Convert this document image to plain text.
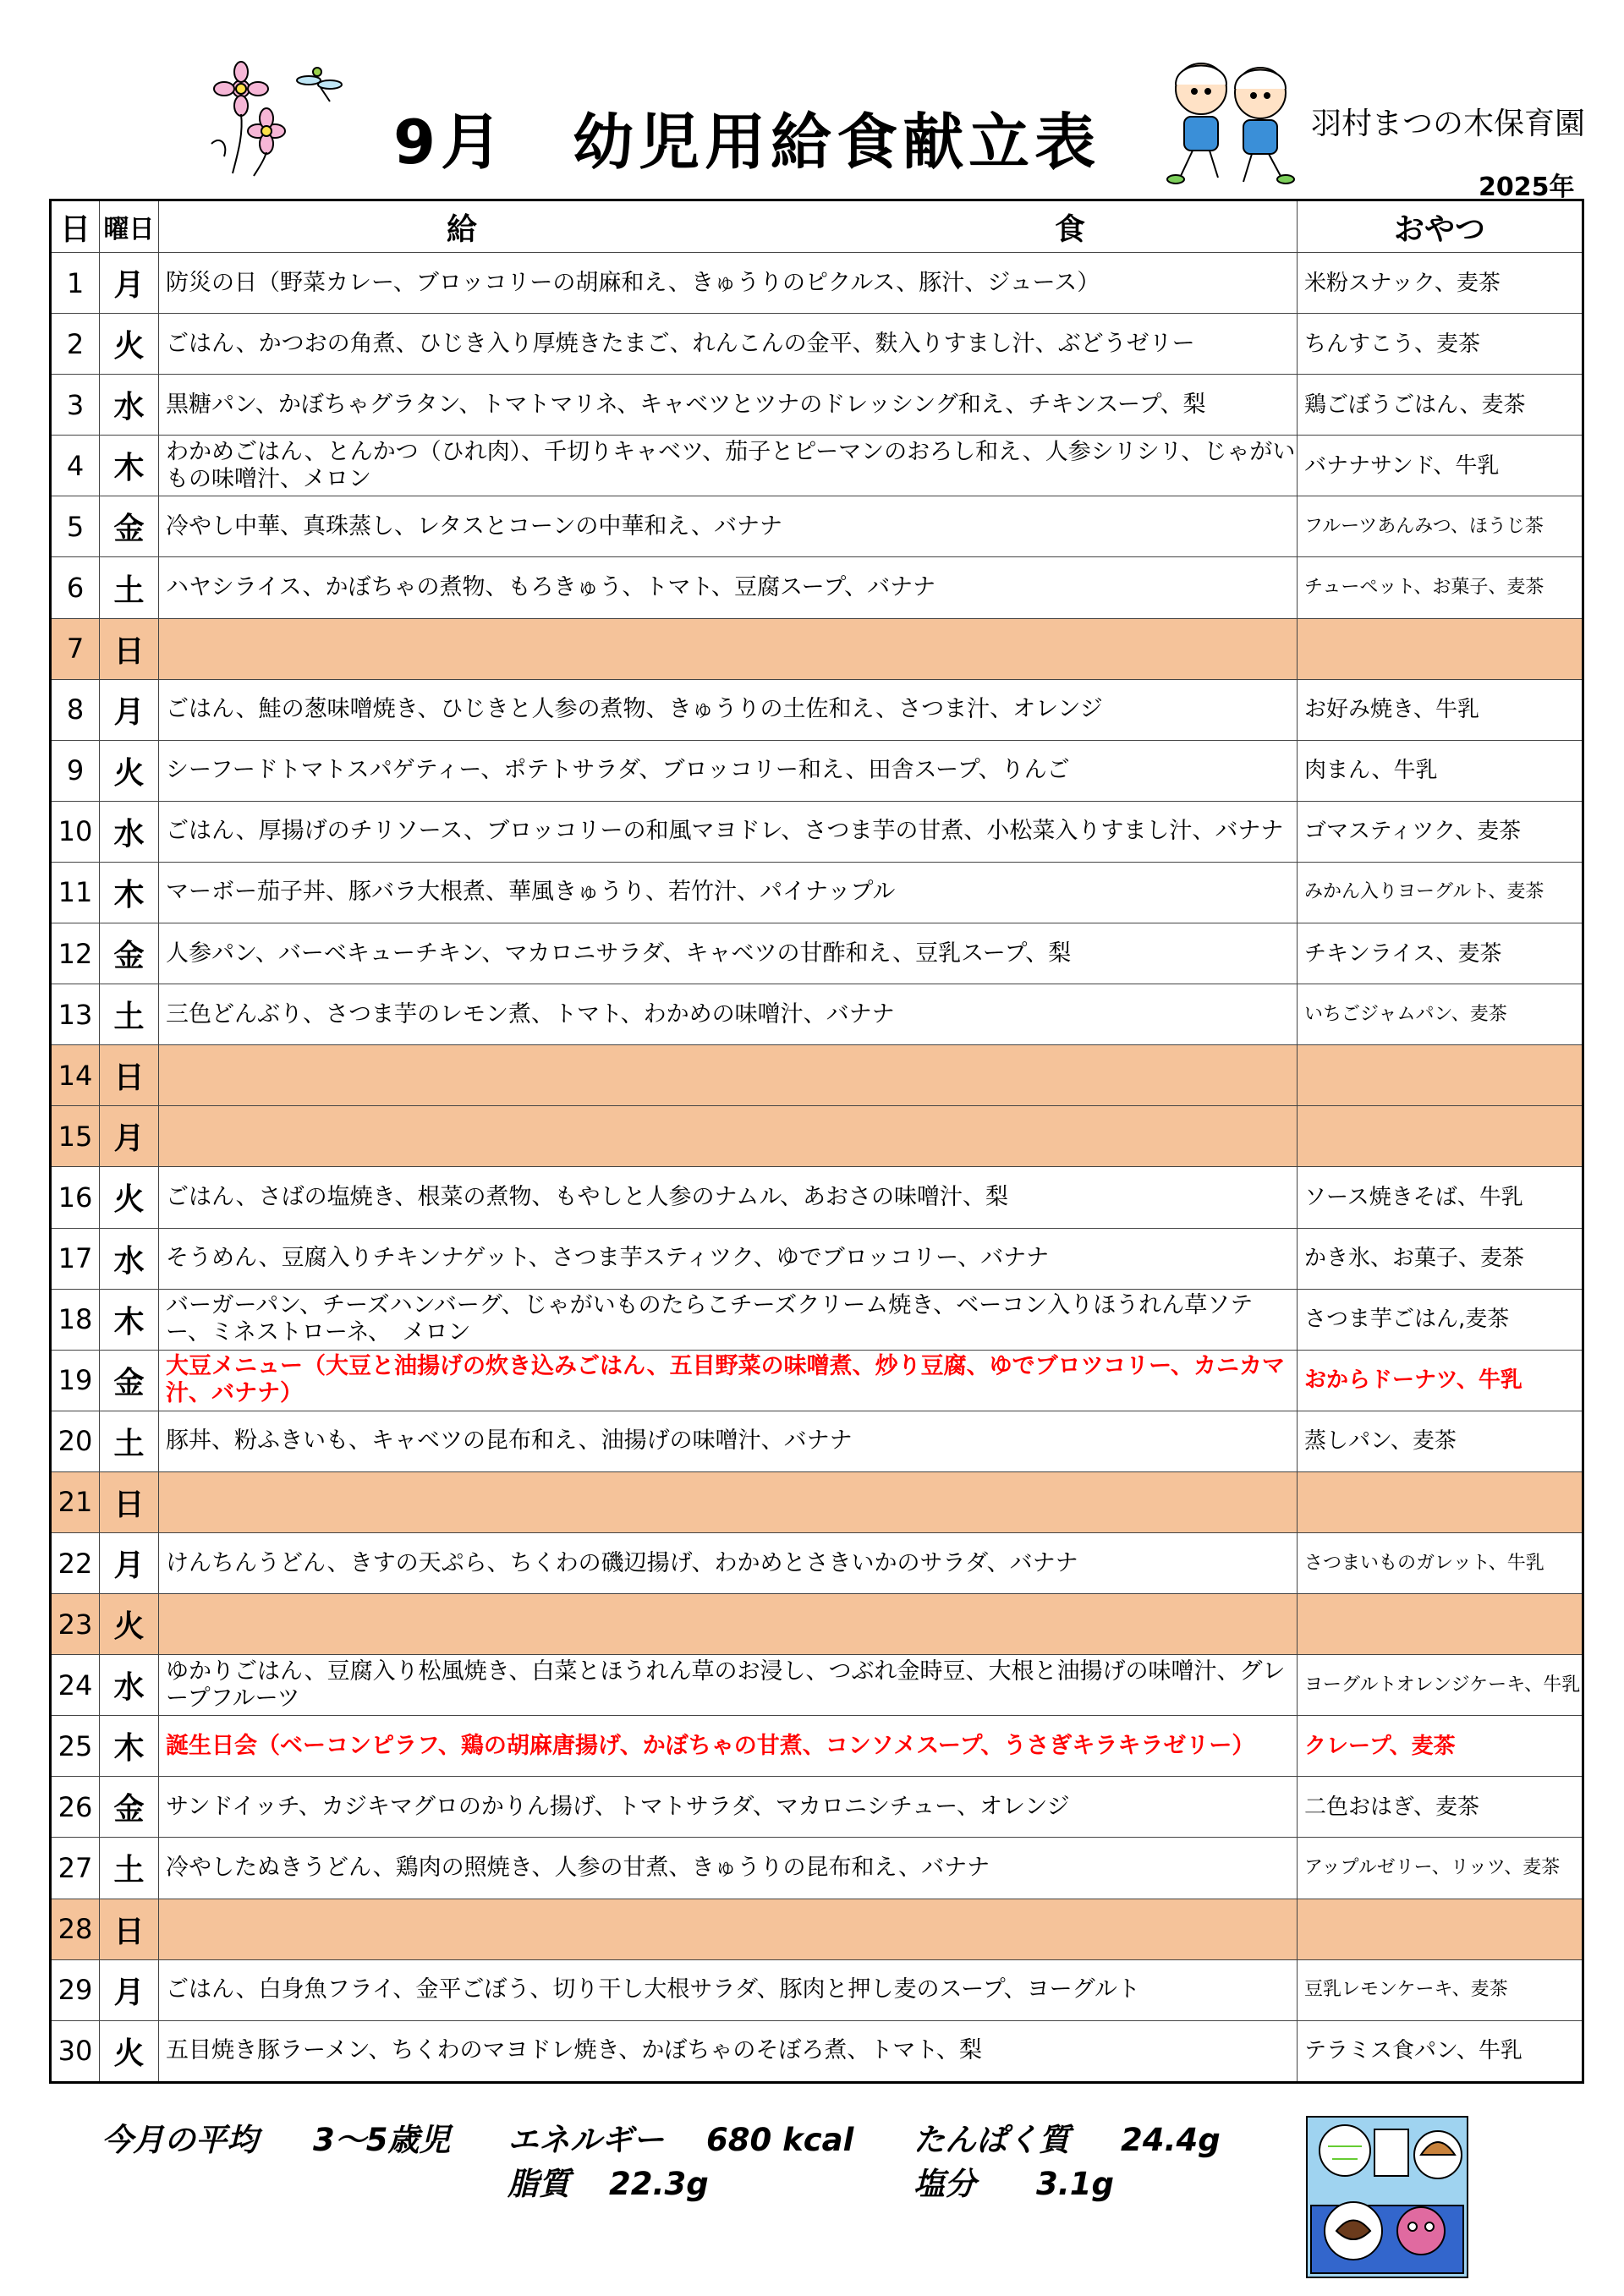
9月　幼児用給食献立表	羽村まつの木保育園
2025年
日	曜日	給 食	おやつ
1	月	防災の日（野菜カレー、ブロッコリーの胡麻和え、きゅうりのピクルス、豚汁、ジュース）	米粉スナック、麦茶
2	火	ごはん、かつおの角煮、ひじき入り厚焼きたまご、れんこんの金平、麩入りすまし汁、ぶどうゼリー	ちんすこう、麦茶
3	水	黒糖パン、かぼちゃグラタン、トマトマリネ、キャベツとツナのドレッシング和え、チキンスープ、梨	鶏ごぼうごはん、麦茶
4	木	わかめごはん、とんかつ（ひれ肉）、千切りキャベツ、茄子とピーマンのおろし和え、人参シリシリ、じゃがいもの味噌汁、メロン	バナナサンド、牛乳
5	金	冷やし中華、真珠蒸し、レタスとコーンの中華和え、バナナ	フルーツあんみつ、ほうじ茶
6	土	ハヤシライス、かぼちゃの煮物、もろきゅう、トマト、豆腐スープ、バナナ	チューペット、お菓子、麦茶
7	日		
8	月	ごはん、鮭の葱味噌焼き、ひじきと人参の煮物、きゅうりの土佐和え、さつま汁、オレンジ	お好み焼き、牛乳
9	火	シーフードトマトスパゲティー、ポテトサラダ、ブロッコリー和え、田舎スープ、りんご	肉まん、牛乳
10	水	ごはん、厚揚げのチリソース、ブロッコリーの和風マヨドレ、さつま芋の甘煮、小松菜入りすまし汁、バナナ	ゴマスティツク、麦茶
11	木	マーボー茄子丼、豚バラ大根煮、華風きゅうり、若竹汁、パイナップル	みかん入りヨーグルト、麦茶
12	金	人参パン、バーベキューチキン、マカロニサラダ、キャベツの甘酢和え、豆乳スープ、梨	チキンライス、麦茶
13	土	三色どんぶり、さつま芋のレモン煮、トマト、わかめの味噌汁、バナナ	いちごジャムパン、麦茶
14	日		
15	月		
16	火	ごはん、さばの塩焼き、根菜の煮物、もやしと人参のナムル、あおさの味噌汁、梨	ソース焼きそば、牛乳
17	水	そうめん、豆腐入りチキンナゲット、さつま芋スティツク、ゆでブロッコリー、バナナ	かき氷、お菓子、麦茶
18	木	バーガーパン、チーズハンバーグ、じゃがいものたらこチーズクリーム焼き、ベーコン入りほうれん草ソテー、ミネストローネ、　メロン	さつま芋ごはん,麦茶
19	金	大豆メニュー（大豆と油揚げの炊き込みごはん、五目野菜の味噌煮、炒り豆腐、ゆでブロツコリー、カニカマ汁、バナナ）	おからドーナツ、牛乳
20	土	豚丼、粉ふきいも、キャベツの昆布和え、油揚げの味噌汁、バナナ	蒸しパン、麦茶
21	日		
22	月	けんちんうどん、きすの天ぷら、ちくわの磯辺揚げ、わかめとさきいかのサラダ、バナナ	さつまいものガレット、牛乳
23	火		
24	水	ゆかりごはん、豆腐入り松風焼き、白菜とほうれん草のお浸し、つぶれ金時豆、大根と油揚げの味噌汁、グレープフルーツ	ヨーグルトオレンジケーキ、牛乳
25	木	誕生日会（ベーコンピラフ、鶏の胡麻唐揚げ、かぼちゃの甘煮、コンソメスープ、うさぎキラキラゼリー）	クレープ、麦茶
26	金	サンドイッチ、カジキマグロのかりん揚げ、トマトサラダ、マカロニシチュー、オレンジ	二色おはぎ、麦茶
27	土	冷やしたぬきうどん、鶏肉の照焼き、人参の甘煮、きゅうりの昆布和え、バナナ	アップルゼリー、リッツ、麦茶
28	日		
29	月	ごはん、白身魚フライ、金平ごぼう、切り干し大根サラダ、豚肉と押し麦のスープ、ヨーグルト	豆乳レモンケーキ、麦茶
30	火	五目焼き豚ラーメン、ちくわのマヨドレ焼き、かぼちゃのそぼろ煮、トマト、梨	テラミス食パン、牛乳
今月の平均 3～5歳児 エネルギー 680 kcal たんぱく質 24.4g
脂質 22.3g	塩分 3.1g
